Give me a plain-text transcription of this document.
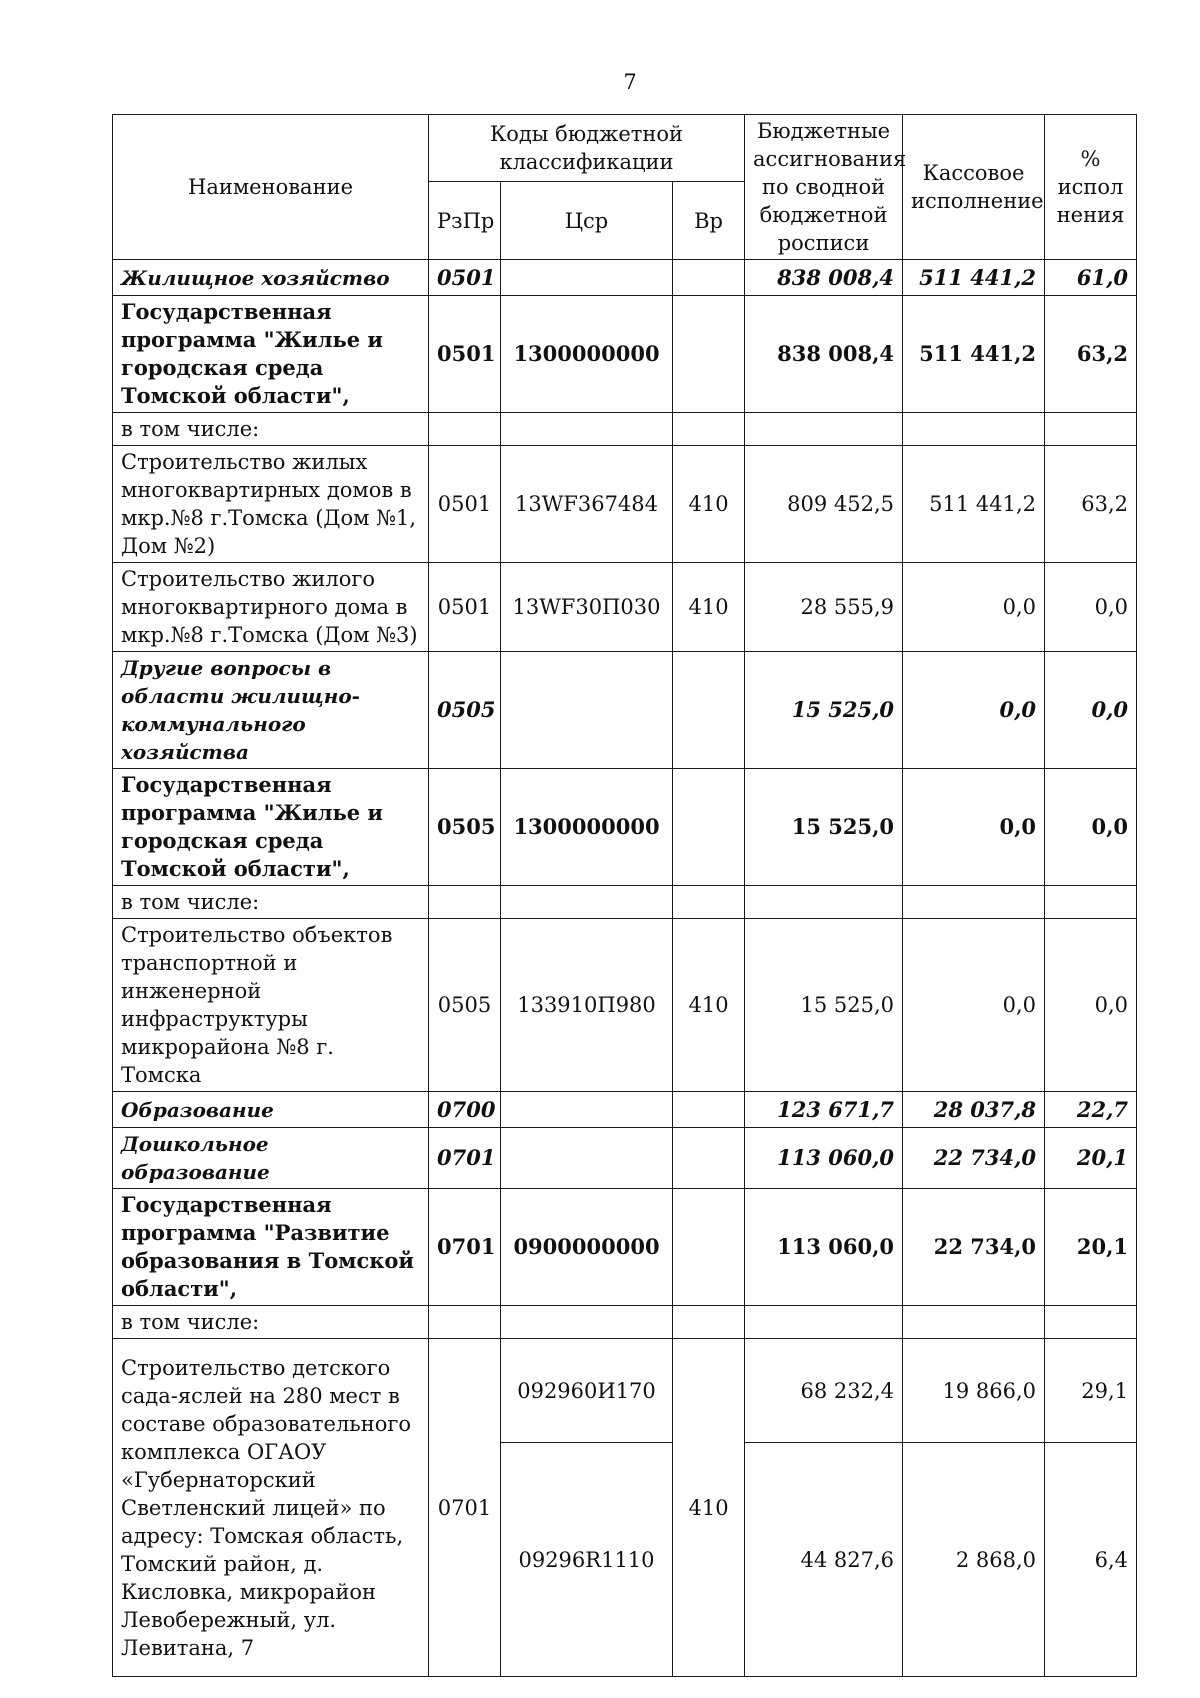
7
Наименование	Коды бюджетной классификации			Бюджетные ассигнования по сводной бюджетной росписи	Кассовое исполнение	% испол нения
	РзПр	Цср	Вр			
Жилищное хозяйство	0501			838 008,4	511 441,2	61,0
Государственная программа "Жилье и городская среда Томской области",	0501	1300000000		838 008,4	511 441,2	63,2
в том числе:						
Строительство жилых многоквартирных домов в мкр.№8 г.Томска (Дом №1, Дом №2)	0501	13WF367484	410	809 452,5	511 441,2	63,2
Строительство жилого многоквартирного дома в мкр.№8 г.Томска (Дом №3)	0501	13WF30П030	410	28 555,9	0,0	0,0
Другие вопросы в области жилищно-коммунального хозяйства	0505			15 525,0	0,0	0,0
Государственная программа "Жилье и городская среда Томской области",	0505	1300000000		15 525,0	0,0	0,0
в том числе:						
Строительство объектов транспортной и инженерной инфраструктуры микрорайона №8 г. Томска	0505	133910П980	410	15 525,0	0,0	0,0
Образование	0700			123 671,7	28 037,8	22,7
Дошкольное образование	0701			113 060,0	22 734,0	20,1
Государственная программа "Развитие образования в Томской области",	0701	0900000000		113 060,0	22 734,0	20,1
в том числе:						
Строительство детского сада-яслей на 280 мест в составе образовательного комплекса ОГАОУ «Губернаторский Светленский лицей» по адресу: Томская область, Томский район, д. Кисловка, микрорайон Левобережный, ул. Левитана, 7	0701	092960И170	410	68 232,4	19 866,0	29,1
		09296R1110		44 827,6	2 868,0	6,4
